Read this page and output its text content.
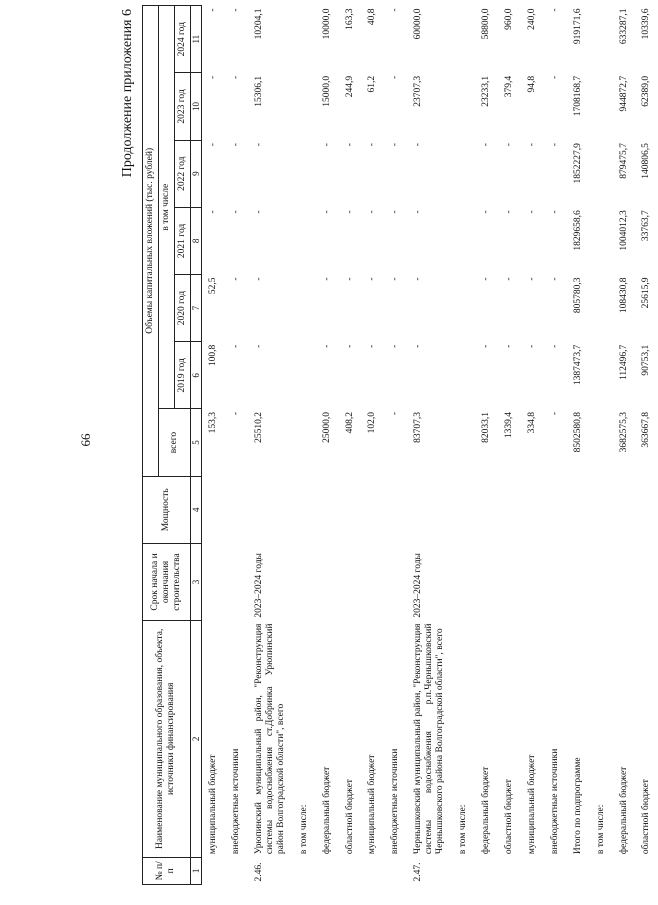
66
Продолжение приложения 6
№ п/п	Наименование муниципального образования, объекта, источники финансирования	Срок начала и окончания строительства	Мощность	Объемы капитальных вложений (тыс. рублей)						
				всего	в том числе					
					2019 год	2020 год	2021 год	2022 год	2023 год	2024 год
1	2	3	4	5	6	7	8	9	10	11
	муниципальный бюджет			153,3	100,8	52,5	-	-	-	-
	внебюджетные источники			-	-	-	-	-	-	-
2.46.	Урюпинский муниципальный район, "Реконструкция системы водоснабжения ст.Добринка Урюпинский район Волгоградской области", всего	2023–2024 годы		25510,2	-	-	-	-	15306,1	10204,1
	в том числе:									
	федеральный бюджет			25000,0	-	-	-	-	15000,0	10000,0
	областной бюджет			408,2	-	-	-	-	244,9	163,3
	муниципальный бюджет			102,0	-	-	-	-	61,2	40,8
	внебюджетные источники			-	-	-	-	-	-	-
2.47.	Чернышковский муниципальный район, "Реконструкция системы водоснабжения р.п.Чернышковский Чернышковского района Волгоградской области", всего	2023–2024 годы		83707,3	-	-	-	-	23707,3	60000,0
	в том числе:									
	федеральный бюджет			82033,1	-	-	-	-	23233,1	58800,0
	областной бюджет			1339,4	-	-	-	-	379,4	960,0
	муниципальный бюджет			334,8	-	-	-	-	94,8	240,0
	внебюджетные источники			-	-	-	-	-	-	-
	Итого по подпрограмме			8502580,8	1387473,7	805780,3	1829658,6	1852227,9	1708168,7	919171,6
	в том числе:									
	федеральный бюджет			3682575,3	112496,7	108430,8	1004012,3	879475,7	944872,7	633287,1
	областной бюджет			363667,8	90753,1	25615,9	33763,7	140806,5	62389,0	10339,6
